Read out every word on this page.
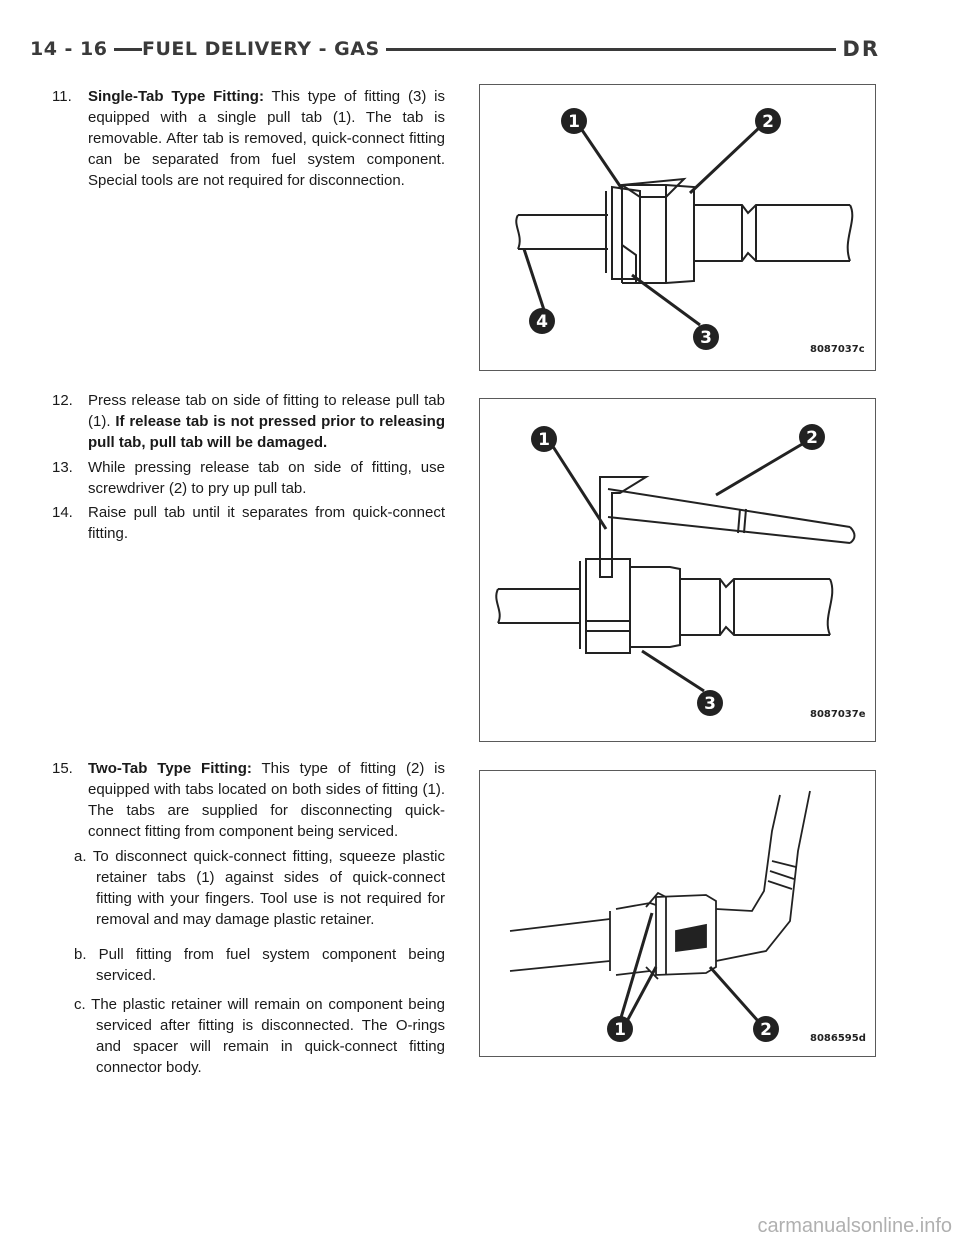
14 - 16	FUEL DELIVERY - GAS	DR
11.	Single-Tab Type Fitting: This type of fitting (3) is equipped with a single pull tab (1). The tab is removable. After tab is removed, quick-connect fitting can be separated from fuel system component. Special tools are not required for disconnection.

1	2
3
4
8087037c
12.	Press release tab on side of fitting to release pull tab (1). If release tab is not pressed prior to releasing pull tab, pull tab will be damaged.

13.	While pressing release tab on side of fitting, use screwdriver (2) to pry up pull tab.

14.	Raise pull tab until it separates from quick-connect fitting.

1	2
3
8087037e
15.	Two-Tab Type Fitting: This type of fitting (2) is equipped with tabs located on both sides of fitting (1). The tabs are supplied for disconnecting quick-connect fitting from component being serviced.

a. To disconnect quick-connect fitting, squeeze plastic retainer tabs (1) against sides of quick-connect fitting with your fingers. Tool use is not required for removal and may damage plastic retainer.

b. Pull fitting from fuel system component being serviced.

c. The plastic retainer will remain on component being serviced after fitting is disconnected. The O-rings and spacer will remain in quick-connect fitting connector body.

1	2	8086595d
carmanualsonline.info
